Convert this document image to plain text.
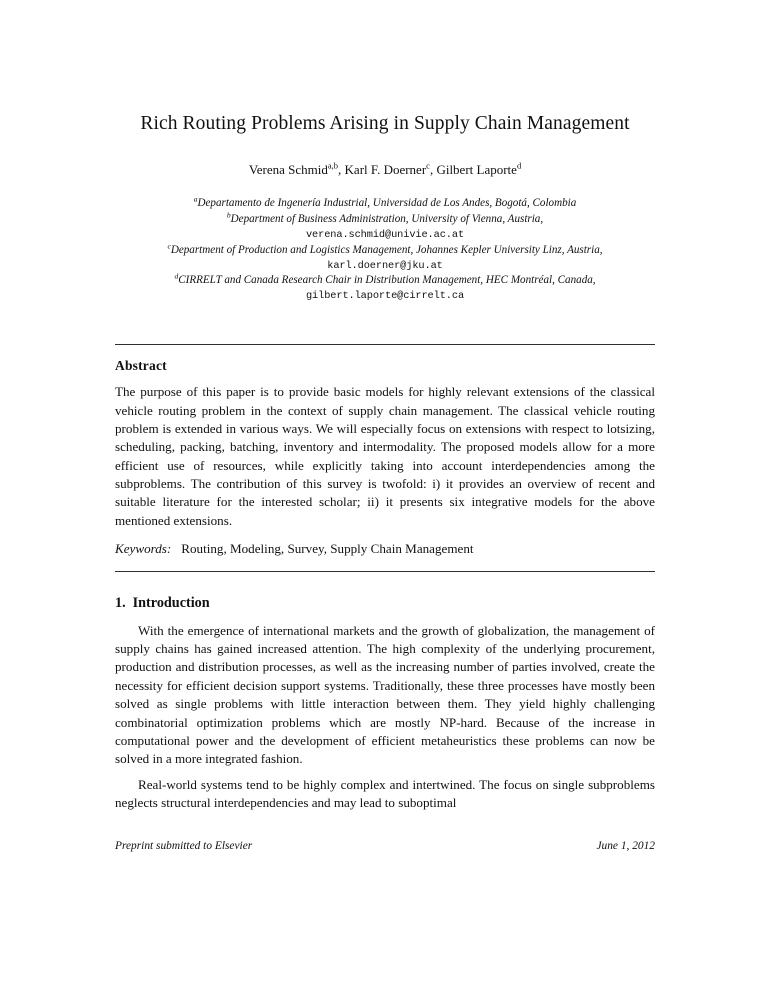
Rich Routing Problems Arising in Supply Chain Management
Verena Schmid$^{a,b}$, Karl F. Doerner$^c$, Gilbert Laporte$^d$
$^a$Departamento de Ingenería Industrial, Universidad de Los Andes, Bogotá, Colombia
$^b$Department of Business Administration, University of Vienna, Austria,
verena.schmid@univie.ac.at
$^c$Department of Production and Logistics Management, Johannes Kepler University Linz, Austria,
karl.doerner@jku.at
$^d$CIRRELT and Canada Research Chair in Distribution Management, HEC Montréal, Canada,
gilbert.laporte@cirrelt.ca
Abstract
The purpose of this paper is to provide basic models for highly relevant extensions of the classical vehicle routing problem in the context of supply chain management. The classical vehicle routing problem is extended in various ways. We will especially focus on extensions with respect to lotsizing, scheduling, packing, batching, inventory and intermodality. The proposed models allow for a more efficient use of resources, while explicitly taking into account interdependencies among the subproblems. The contribution of this survey is twofold: i) it provides an overview of recent and suitable literature for the interested scholar; ii) it presents six integrative models for the above mentioned extensions.
Keywords: Routing, Modeling, Survey, Supply Chain Management
1. Introduction
With the emergence of international markets and the growth of globalization, the management of supply chains has gained increased attention. The high complexity of the underlying procurement, production and distribution processes, as well as the increasing number of parties involved, create the necessity for efficient decision support systems. Traditionally, these three processes have mostly been solved as single problems with little interaction between them. They yield highly challenging combinatorial optimization problems which are mostly NP-hard. Because of the increase in computational power and the development of efficient metaheuristics these problems can now be solved in a more integrated fashion.
Real-world systems tend to be highly complex and intertwined. The focus on single subproblems neglects structural interdependencies and may lead to suboptimal
Preprint submitted to Elsevier	June 1, 2012
